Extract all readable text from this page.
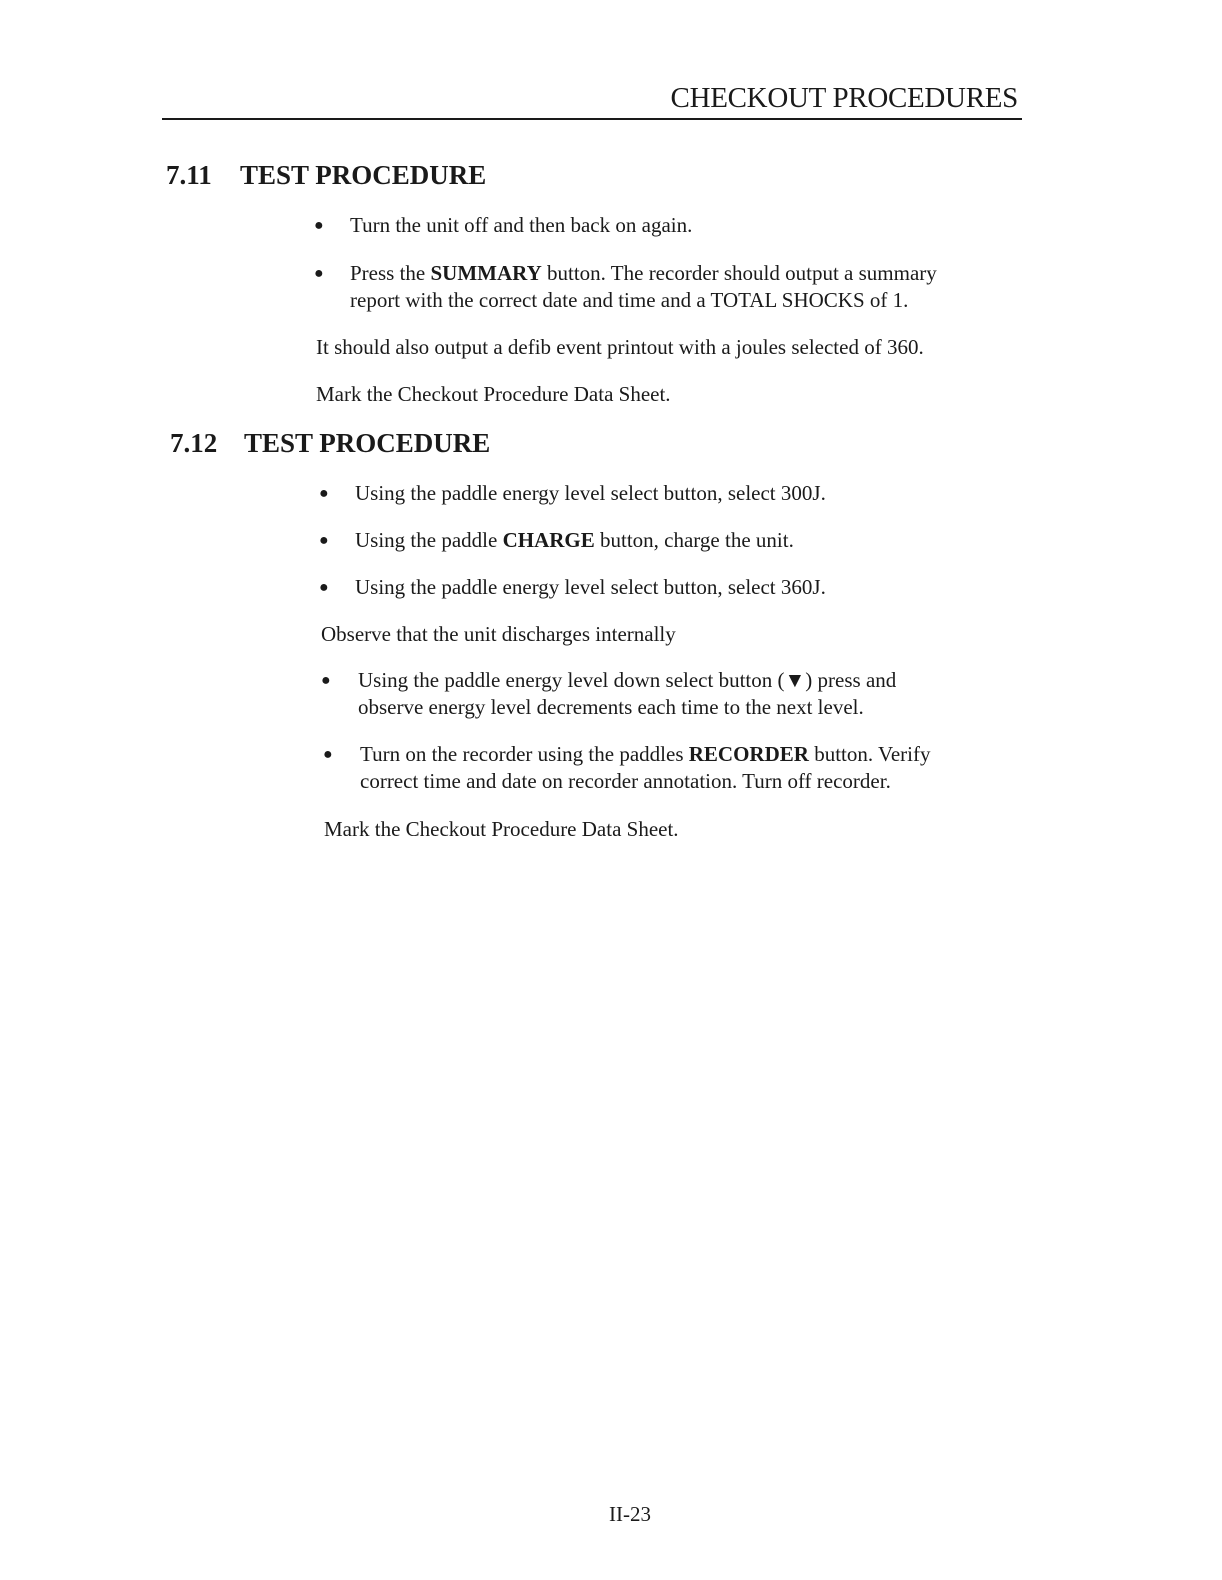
CHECKOUT PROCEDURES
7.11 TEST PROCEDURE
● Turn the unit off and then back on again.
● Press the SUMMARY button. The recorder should output a summary
report with the correct date and time and a TOTAL SHOCKS of 1.
It should also output a defib event printout with a joules selected of 360.
Mark the Checkout Procedure Data Sheet.
7.12 TEST PROCEDURE
● Using the paddle energy level select button, select 300J.
● Using the paddle CHARGE button, charge the unit.
● Using the paddle energy level select button, select 360J.
Observe that the unit discharges internally
● Using the paddle energy level down select button (▼) press and
observe energy level decrements each time to the next level.
● Turn on the recorder using the paddles RECORDER button. Verify
correct time and date on recorder annotation. Turn off recorder.
Mark the Checkout Procedure Data Sheet.
II-23
